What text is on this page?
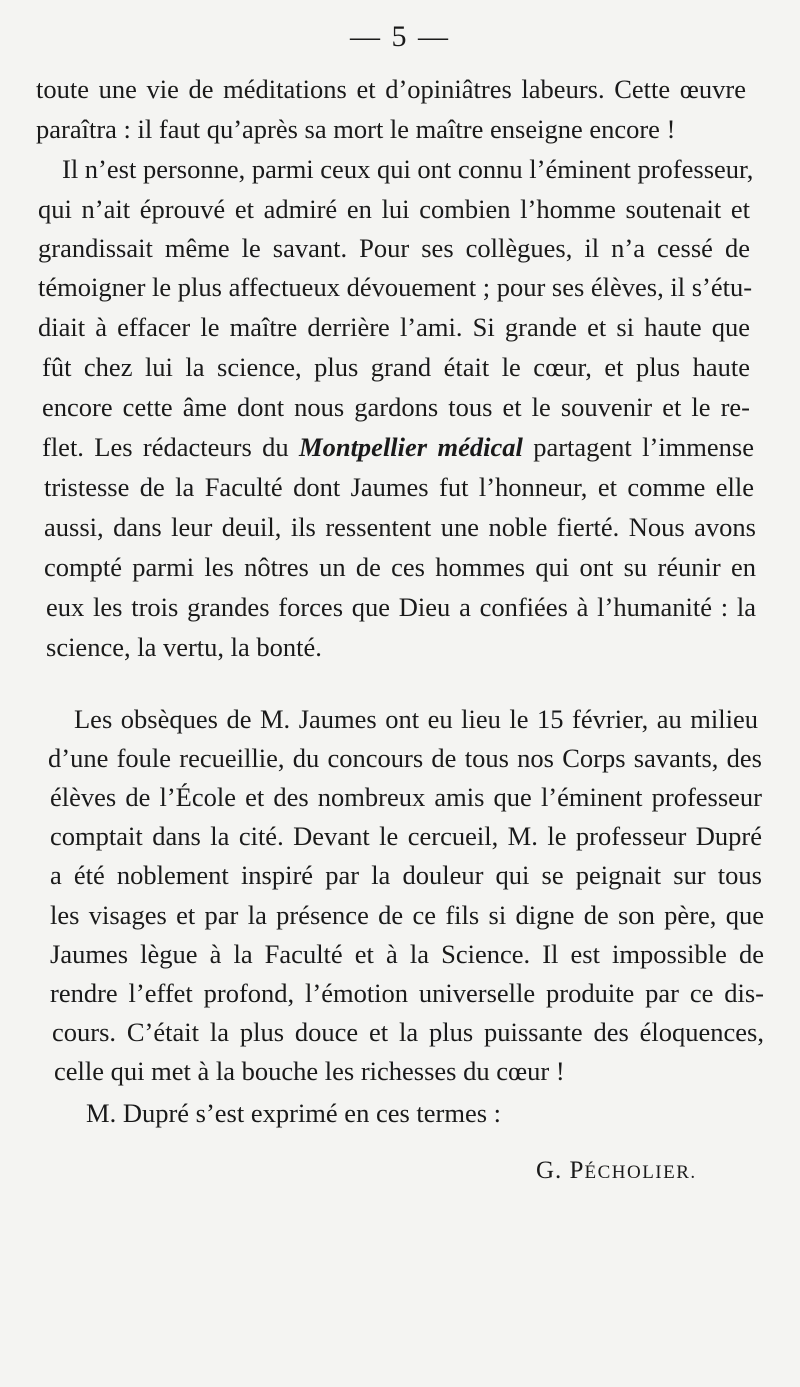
— 5 —
toute une vie de méditations et d’opiniâtres labeurs. Cette œuvre
paraîtra : il faut qu’après sa mort le maître enseigne encore !
Il n’est personne, parmi ceux qui ont connu l’éminent professeur,
qui n’ait éprouvé et admiré en lui combien l’homme soutenait et
grandissait même le savant. Pour ses collègues, il n’a cessé de
témoigner le plus affectueux dévouement ; pour ses élèves, il s’étu-
diait à effacer le maître derrière l’ami. Si grande et si haute que
fût chez lui la science, plus grand était le cœur, et plus haute
encore cette âme dont nous gardons tous et le souvenir et le re-
flet. Les rédacteurs du Montpellier médical partagent l’immense
tristesse de la Faculté dont Jaumes fut l’honneur, et comme elle
aussi, dans leur deuil, ils ressentent une noble fierté. Nous avons
compté parmi les nôtres un de ces hommes qui ont su réunir en
eux les trois grandes forces que Dieu a confiées à l’humanité : la
science, la vertu, la bonté.
Les obsèques de M. Jaumes ont eu lieu le 15 février, au milieu
d’une foule recueillie, du concours de tous nos Corps savants, des
élèves de l’École et des nombreux amis que l’éminent professeur
comptait dans la cité. Devant le cercueil, M. le professeur Dupré
a été noblement inspiré par la douleur qui se peignait sur tous
les visages et par la présence de ce fils si digne de son père, que
Jaumes lègue à la Faculté et à la Science. Il est impossible de
rendre l’effet profond, l’émotion universelle produite par ce dis-
cours. C’était la plus douce et la plus puissante des éloquences,
celle qui met à la bouche les richesses du cœur !
M. Dupré s’est exprimé en ces termes :
G. PÉCHOLIER.
